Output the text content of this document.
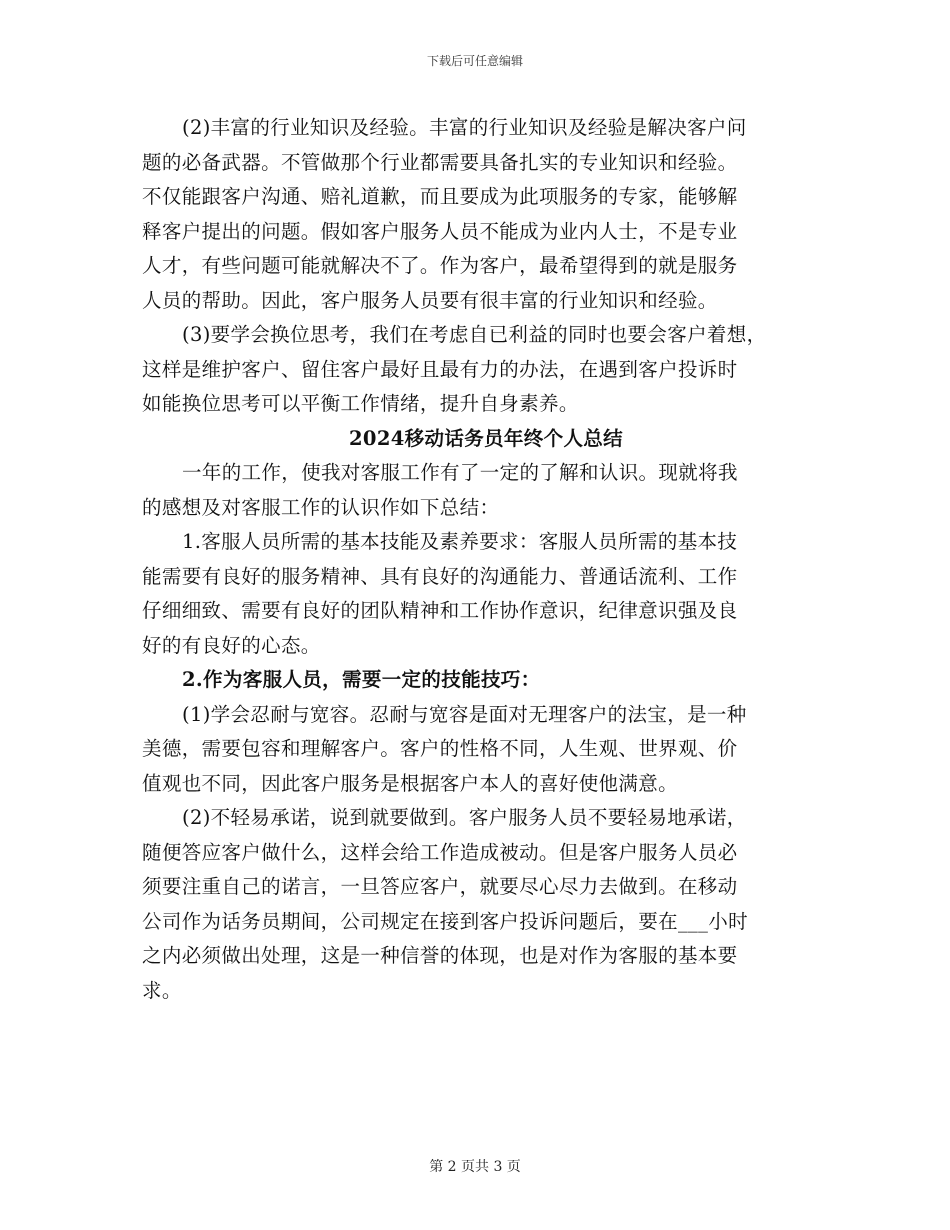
下载后可任意编辑
(2)丰富的行业知识及经验。丰富的行业知识及经验是解决客户问
题的必备武器。不管做那个行业都需要具备扎实的专业知识和经验。
不仅能跟客户沟通、赔礼道歉，而且要成为此项服务的专家，能够解
释客户提出的问题。假如客户服务人员不能成为业内人士，不是专业
人才，有些问题可能就解决不了。作为客户，最希望得到的就是服务
人员的帮助。因此，客户服务人员要有很丰富的行业知识和经验。
(3)要学会换位思考，我们在考虑自已利益的同时也要会客户着想，
这样是维护客户、留住客户最好且最有力的办法，在遇到客户投诉时
如能换位思考可以平衡工作情绪，提升自身素养。
2024移动话务员年终个人总结
一年的工作，使我对客服工作有了一定的了解和认识。现就将我
的感想及对客服工作的认识作如下总结：
1.客服人员所需的基本技能及素养要求：客服人员所需的基本技
能需要有良好的服务精神、具有良好的沟通能力、普通话流利、工作
仔细细致、需要有良好的团队精神和工作协作意识，纪律意识强及良
好的有良好的心态。
2.作为客服人员，需要一定的技能技巧：
(1)学会忍耐与宽容。忍耐与宽容是面对无理客户的法宝，是一种
美德，需要包容和理解客户。客户的性格不同，人生观、世界观、价
值观也不同，因此客户服务是根据客户本人的喜好使他满意。
(2)不轻易承诺，说到就要做到。客户服务人员不要轻易地承诺，
随便答应客户做什么，这样会给工作造成被动。但是客户服务人员必
须要注重自己的诺言，一旦答应客户，就要尽心尽力去做到。在移动
公司作为话务员期间，公司规定在接到客户投诉问题后，要在___小时
之内必须做出处理，这是一种信誉的体现，也是对作为客服的基本要
求。
第 2 页共 3 页
